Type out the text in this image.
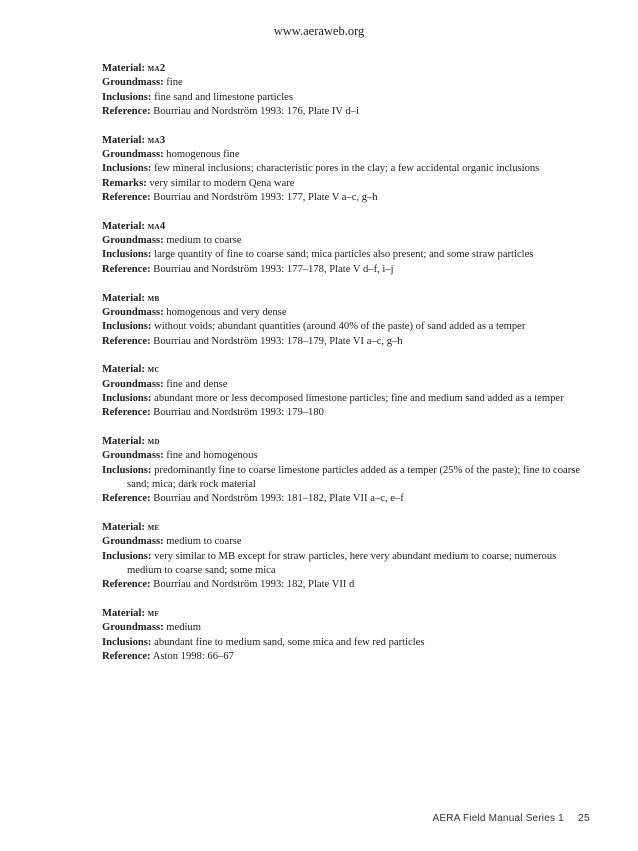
www.aeraweb.org
Material: ma2
Groundmass: fine
Inclusions: fine sand and limestone particles
Reference: Bourriau and Nordström 1993: 176, Plate IV d–i
Material: ma3
Groundmass: homogenous fine
Inclusions: few mineral inclusions; characteristic pores in the clay; a few accidental organic inclusions
Remarks: very similar to modern Qena ware
Reference: Bourriau and Nordström 1993: 177, Plate V a–c, g–h
Material: ma4
Groundmass: medium to coarse
Inclusions: large quantity of fine to coarse sand; mica particles also present; and some straw particles
Reference: Bourriau and Nordström 1993: 177–178, Plate V d–f, i–j
Material: mb
Groundmass: homogenous and very dense
Inclusions: without voids; abundant quantities (around 40% of the paste) of sand added as a temper
Reference: Bourriau and Nordström 1993: 178–179, Plate VI a–c, g–h
Material: mc
Groundmass: fine and dense
Inclusions: abundant more or less decomposed limestone particles; fine and medium sand added as a temper
Reference: Bourriau and Nordström 1993: 179–180
Material: md
Groundmass: fine and homogenous
Inclusions: predominantly fine to coarse limestone particles added as a temper (25% of the paste); fine to coarse sand; mica; dark rock material
Reference: Bourriau and Nordström 1993: 181–182, Plate VII a–c, e–f
Material: me
Groundmass: medium to coarse
Inclusions: very similar to MB except for straw particles, here very abundant medium to coarse; numerous medium to coarse sand; some mica
Reference: Bourriau and Nordström 1993: 182, Plate VII d
Material: mf
Groundmass: medium
Inclusions: abundant fine to medium sand, some mica and few red particles
Reference: Aston 1998: 66–67
AERA Field Manual Series 1 25
